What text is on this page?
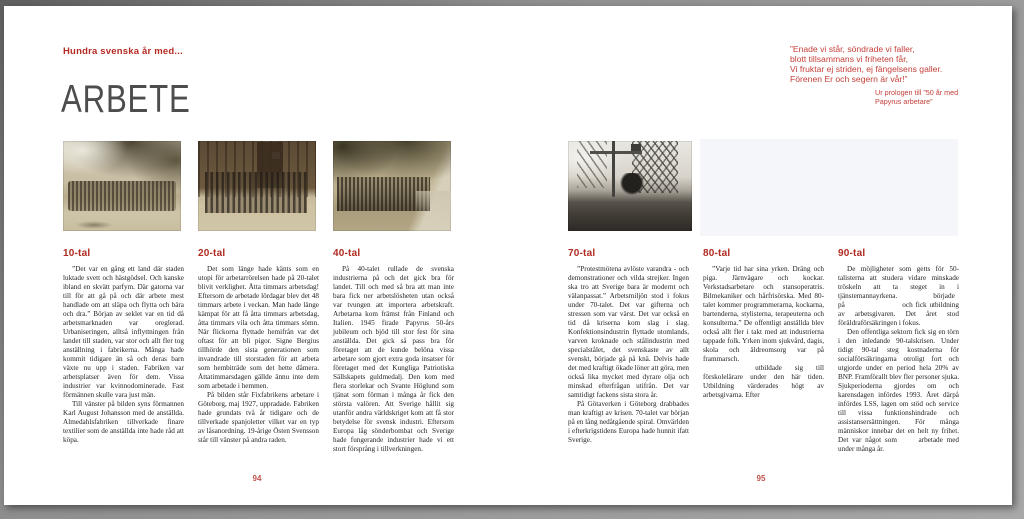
Hundra svenska år med...
ARBETE
10-tal

”Det var en gång ett land där staden luktade svett och hästgödsel. Och kanske ibland en skvätt parfym. Där gatorna var till för att gå på och där arbete mest handlade om att släpa och flytta och bära och dra.” Början av seklet var en tid då arbetsmarknaden var oreglerad. Urbaniseringen, alltså inflyttningen från landet till staden, var stor och allt fler tog anställning i fabrikerna. Många hade kommit tidigare än så och deras barn växte nu upp i staden. Fabriken var arbetsplatser även för dem. Vissa industrier var kvinnodominerade. Fast förmännen skulle vara just män.

Till vänster på bilden syns förmannen Karl August Johansson med de anställda. Almedahlsfabriken tillverkade finare textilier som de anställda inte hade råd att köpa.

20-tal

Det som länge hade känts som en utopi för arbetarrörelsen hade på 20-talet blivit verklighet. Åtta timmars arbetsdag! Eftersom de arbetade lördagar blev det 48 timmars arbete i veckan. Man hade länge kämpat för att få åtta timmars arbetsdag, åtta timmars vila och åtta timmars sömn. När flickorna flyttade hemifrån var det oftast för att bli pigor. Signe Bergius tillhörde den sista generationen som invandrade till storstaden för att arbeta som hembiträde som det hette dåmera. Åttatimmarsdagen gällde ännu inte dem som arbetade i hemmen.

På bilden står Fixfabrikens arbetare i Göteborg, maj 1927, uppradade. Fabriken hade grundats två år tidigare och de tillverkade spanjoletter vilket var en typ av låsanordning. 19-årige Östen Svensson står till vänster på andra raden.

40-tal

På 40-talet rullade de svenska industrierna på och det gick bra för landet. Till och med så bra att man inte bara fick ner arbetslösheten utan också var tvungen att importera arbetskraft. Arbetarna kom främst från Finland och Italien. 1945 firade Papyrus 50-års jubileum och bjöd till stor fest för sina anställda. Det gick så pass bra för företaget att de kunde belöna vissa arbetare som gjort extra goda insatser för företaget med det Kungliga Patriotiska Sällskapets guldmedalj. Den kom med flera storlekar och Svante Höglund som tjänat som förman i många år fick den största valören. Att Sverige hållit sig utanför andra världskriget kom att få stor betydelse för svensk industri. Eftersom Europa låg sönderbombat och Sverige hade fungerande industrier hade vi ett stort försprång i tillverkningen.

94
”Enade vi står, söndrade vi faller,
blott tillsammans vi friheten får,
Vi fruktar ej striden, ej fängelsens galler.
Förenen Er och segern är vår!”
Ur prologen till ”50 år med
Papyrus arbetare”
70-tal

”Protestmötena avlöste varandra - och demonstrationer och vilda strejker. Ingen ska tro att Sverige bara är modernt och välanpassat.” Arbetsmiljön stod i fokus under 70-talet. Det var gifterna och stressen som var värst. Det var också en tid då kriserna kom slag i slag. Konfektionsindustrin flyttade utomlands, varven kroknade och stålindustrin med specialstålet, det svenskaste av allt svenskt, började gå på knä. Delvis hade det med kraftigt ökade löner att göra, men också lika mycket med dyrare olja och minskad efterfrågan utifrån. Det var samtidigt fackens sista stora år.

På Götaverken i Göteborg drabbades man kraftigt av krisen. 70-talet var början på en lång nedåtgående spiral. Omvärlden i efterkrigstidens Europa hade hunnit ifatt Sverige.

80-tal

”Varje tid har sina yrken. Dräng och piga. Järnvägare och kockar. Verkstadsarbetare och stansoperatris. Bilmekaniker och hårfrisörska. Med 80-talet kommer programmerarna, kockarna, bartenderna, stylisterna, terapeuterna och konsulterna.” De offentligt anställda blev också allt fler i takt med att industrierna tappade folk. Yrken inom sjukvård, dagis, skola och äldreomsorg var på frammarsch.

      utbildade sig till förskolelärare under den här tiden. Utbildning värderades högt av arbetsgivarna. Efter

90-tal

De möjligheter som getts för 50-talisterna att studera vidare minskade tröskeln att ta steget in i tjänstemannayrkena.     började på        och fick utbildning av arbetsgivaren. Det året stod föräldraförsäkringen i fokus.

Den offentliga sektorn fick sig en törn i den inledande 90-talskrisen. Under tidigt 90-tal steg kostnaderna för socialförsäkringarna otroligt fort och utgjorde under en period hela 20% av BNP. Framförallt blev fler personer sjuka. Sjukperioderna gjordes om och karensdagen infördes 1993. Året därpå infördes LSS, lagen om stöd och service till vissa funktionshindrade och assistansersättningen. För många människor innebar det en helt ny frihet. Det var något som   arbetade med under många år.

95
